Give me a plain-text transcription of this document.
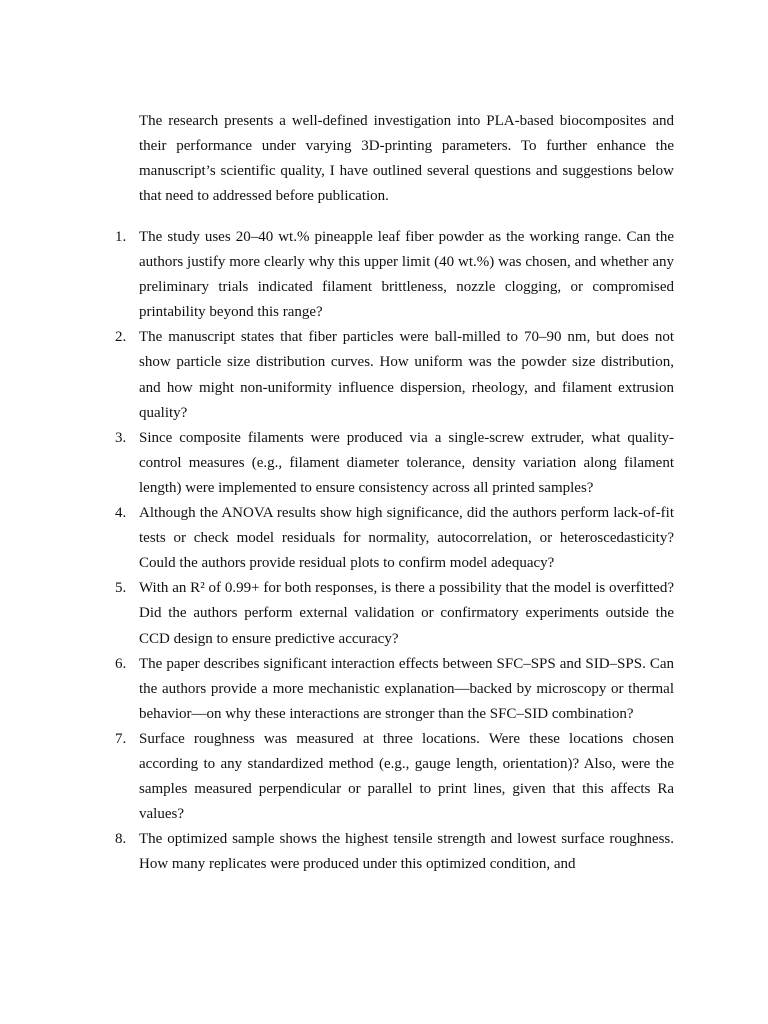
The research presents a well-defined investigation into PLA-based biocomposites and their performance under varying 3D-printing parameters. To further enhance the manuscript’s scientific quality, I have outlined several questions and suggestions below that need to addressed before publication.

1. The study uses 20–40 wt.% pineapple leaf fiber powder as the working range. Can the authors justify more clearly why this upper limit (40 wt.%) was chosen, and whether any preliminary trials indicated filament brittleness, nozzle clogging, or compromised printability beyond this range?
2. The manuscript states that fiber particles were ball-milled to 70–90 nm, but does not show particle size distribution curves. How uniform was the powder size distribution, and how might non-uniformity influence dispersion, rheology, and filament extrusion quality?
3. Since composite filaments were produced via a single-screw extruder, what quality-control measures (e.g., filament diameter tolerance, density variation along filament length) were implemented to ensure consistency across all printed samples?
4. Although the ANOVA results show high significance, did the authors perform lack-of-fit tests or check model residuals for normality, autocorrelation, or heteroscedasticity? Could the authors provide residual plots to confirm model adequacy?
5. With an R² of 0.99+ for both responses, is there a possibility that the model is overfitted? Did the authors perform external validation or confirmatory experiments outside the CCD design to ensure predictive accuracy?
6. The paper describes significant interaction effects between SFC–SPS and SID–SPS. Can the authors provide a more mechanistic explanation—backed by microscopy or thermal behavior—on why these interactions are stronger than the SFC–SID combination?
7. Surface roughness was measured at three locations. Were these locations chosen according to any standardized method (e.g., gauge length, orientation)? Also, were the samples measured perpendicular or parallel to print lines, given that this affects Ra values?
8. The optimized sample shows the highest tensile strength and lowest surface roughness. How many replicates were produced under this optimized condition, and
